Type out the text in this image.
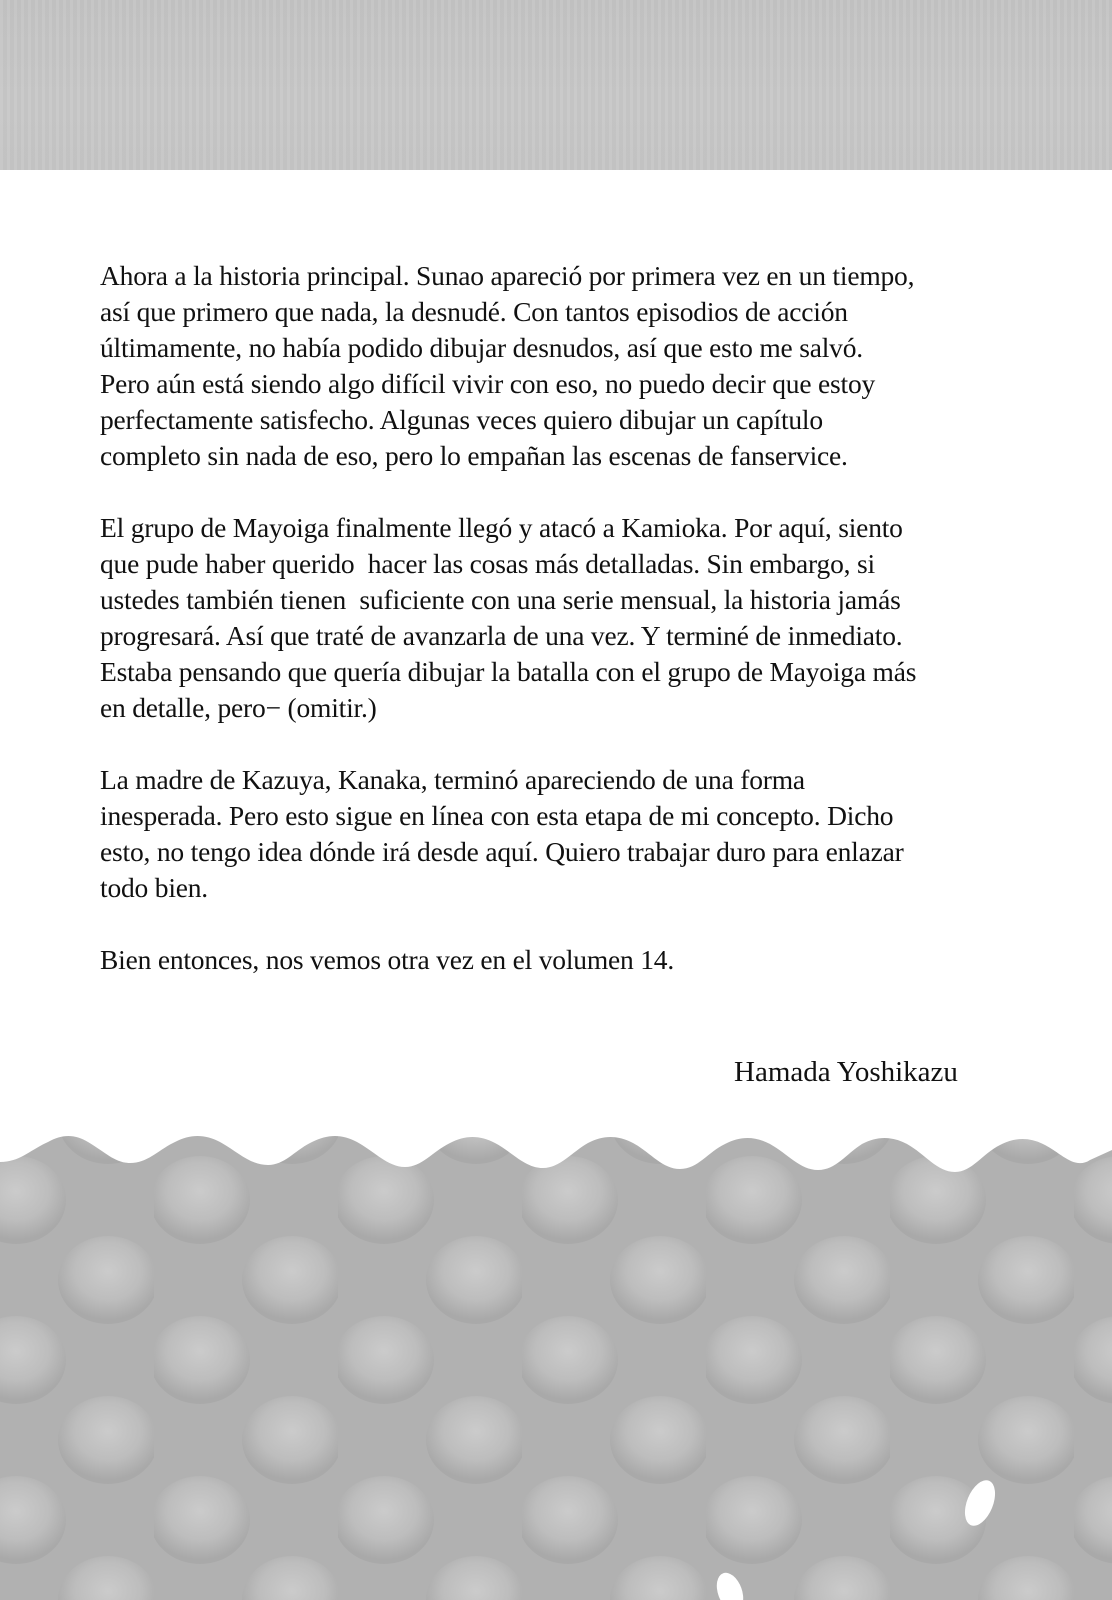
Ahora a la historia principal. Sunao apareció por primera vez en un tiempo,
así que primero que nada, la desnudé. Con tantos episodios de acción
últimamente, no había podido dibujar desnudos, así que esto me salvó.
Pero aún está siendo algo difícil vivir con eso, no puedo decir que estoy
perfectamente satisfecho. Algunas veces quiero dibujar un capítulo
completo sin nada de eso, pero lo empañan las escenas de fanservice.

El grupo de Mayoiga finalmente llegó y atacó a Kamioka. Por aquí, siento
que pude haber querido  hacer las cosas más detalladas. Sin embargo, si
ustedes también tienen  suficiente con una serie mensual, la historia jamás
progresará. Así que traté de avanzarla de una vez. Y terminé de inmediato.
Estaba pensando que quería dibujar la batalla con el grupo de Mayoiga más
en detalle, pero− (omitir.)

La madre de Kazuya, Kanaka, terminó apareciendo de una forma
inesperada. Pero esto sigue en línea con esta etapa de mi concepto. Dicho
esto, no tengo idea dónde irá desde aquí. Quiero trabajar duro para enlazar
todo bien.

Bien entonces, nos vemos otra vez en el volumen 14.

Hamada Yoshikazu
